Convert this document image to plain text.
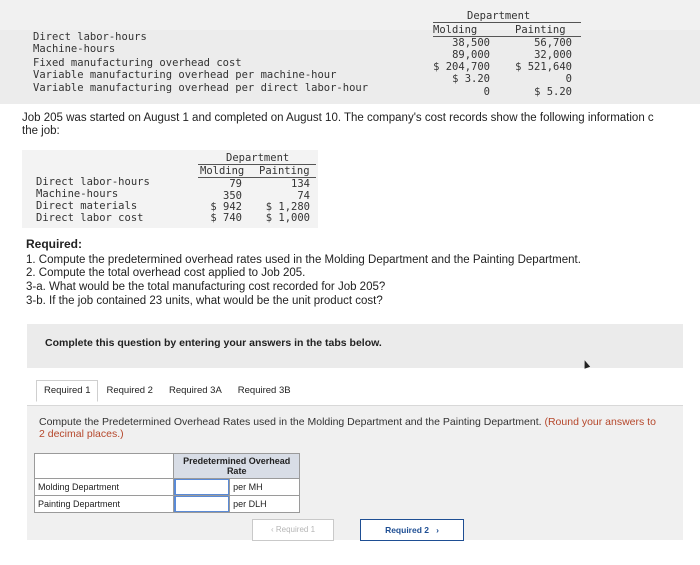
Department
Molding	Painting
Direct labor-hours	38,500	56,700
Machine-hours	89,000	32,000
Fixed manufacturing overhead cost	$ 204,700	$ 521,640
Variable manufacturing overhead per machine-hour	$ 3.20	0
Variable manufacturing overhead per direct labor-hour	0	$ 5.20
Job 205 was started on August 1 and completed on August 10. The company's cost records show the following information c
the job:
Department
Molding Painting
Direct labor-hours	79	134
Machine-hours	350	74
Direct materials	$ 942	$ 1,280
Direct labor cost	$ 740	$ 1,000
Required:
1. Compute the predetermined overhead rates used in the Molding Department and the Painting Department.
2. Compute the total overhead cost applied to Job 205.
3-a. What would be the total manufacturing cost recorded for Job 205?
3-b. If the job contained 23 units, what would be the unit product cost?
Complete this question by entering your answers in the tabs below.
Required 1	Required 2	Required 3A	Required 3B
Compute the Predetermined Overhead Rates used in the Molding Department and the Painting Department. (Round your answers to 2 decimal places.)
	Predetermined Overhead
Rate	
Molding Department		per MH
Painting Department		per DLH
‹ Required 1	Required 2   ›
